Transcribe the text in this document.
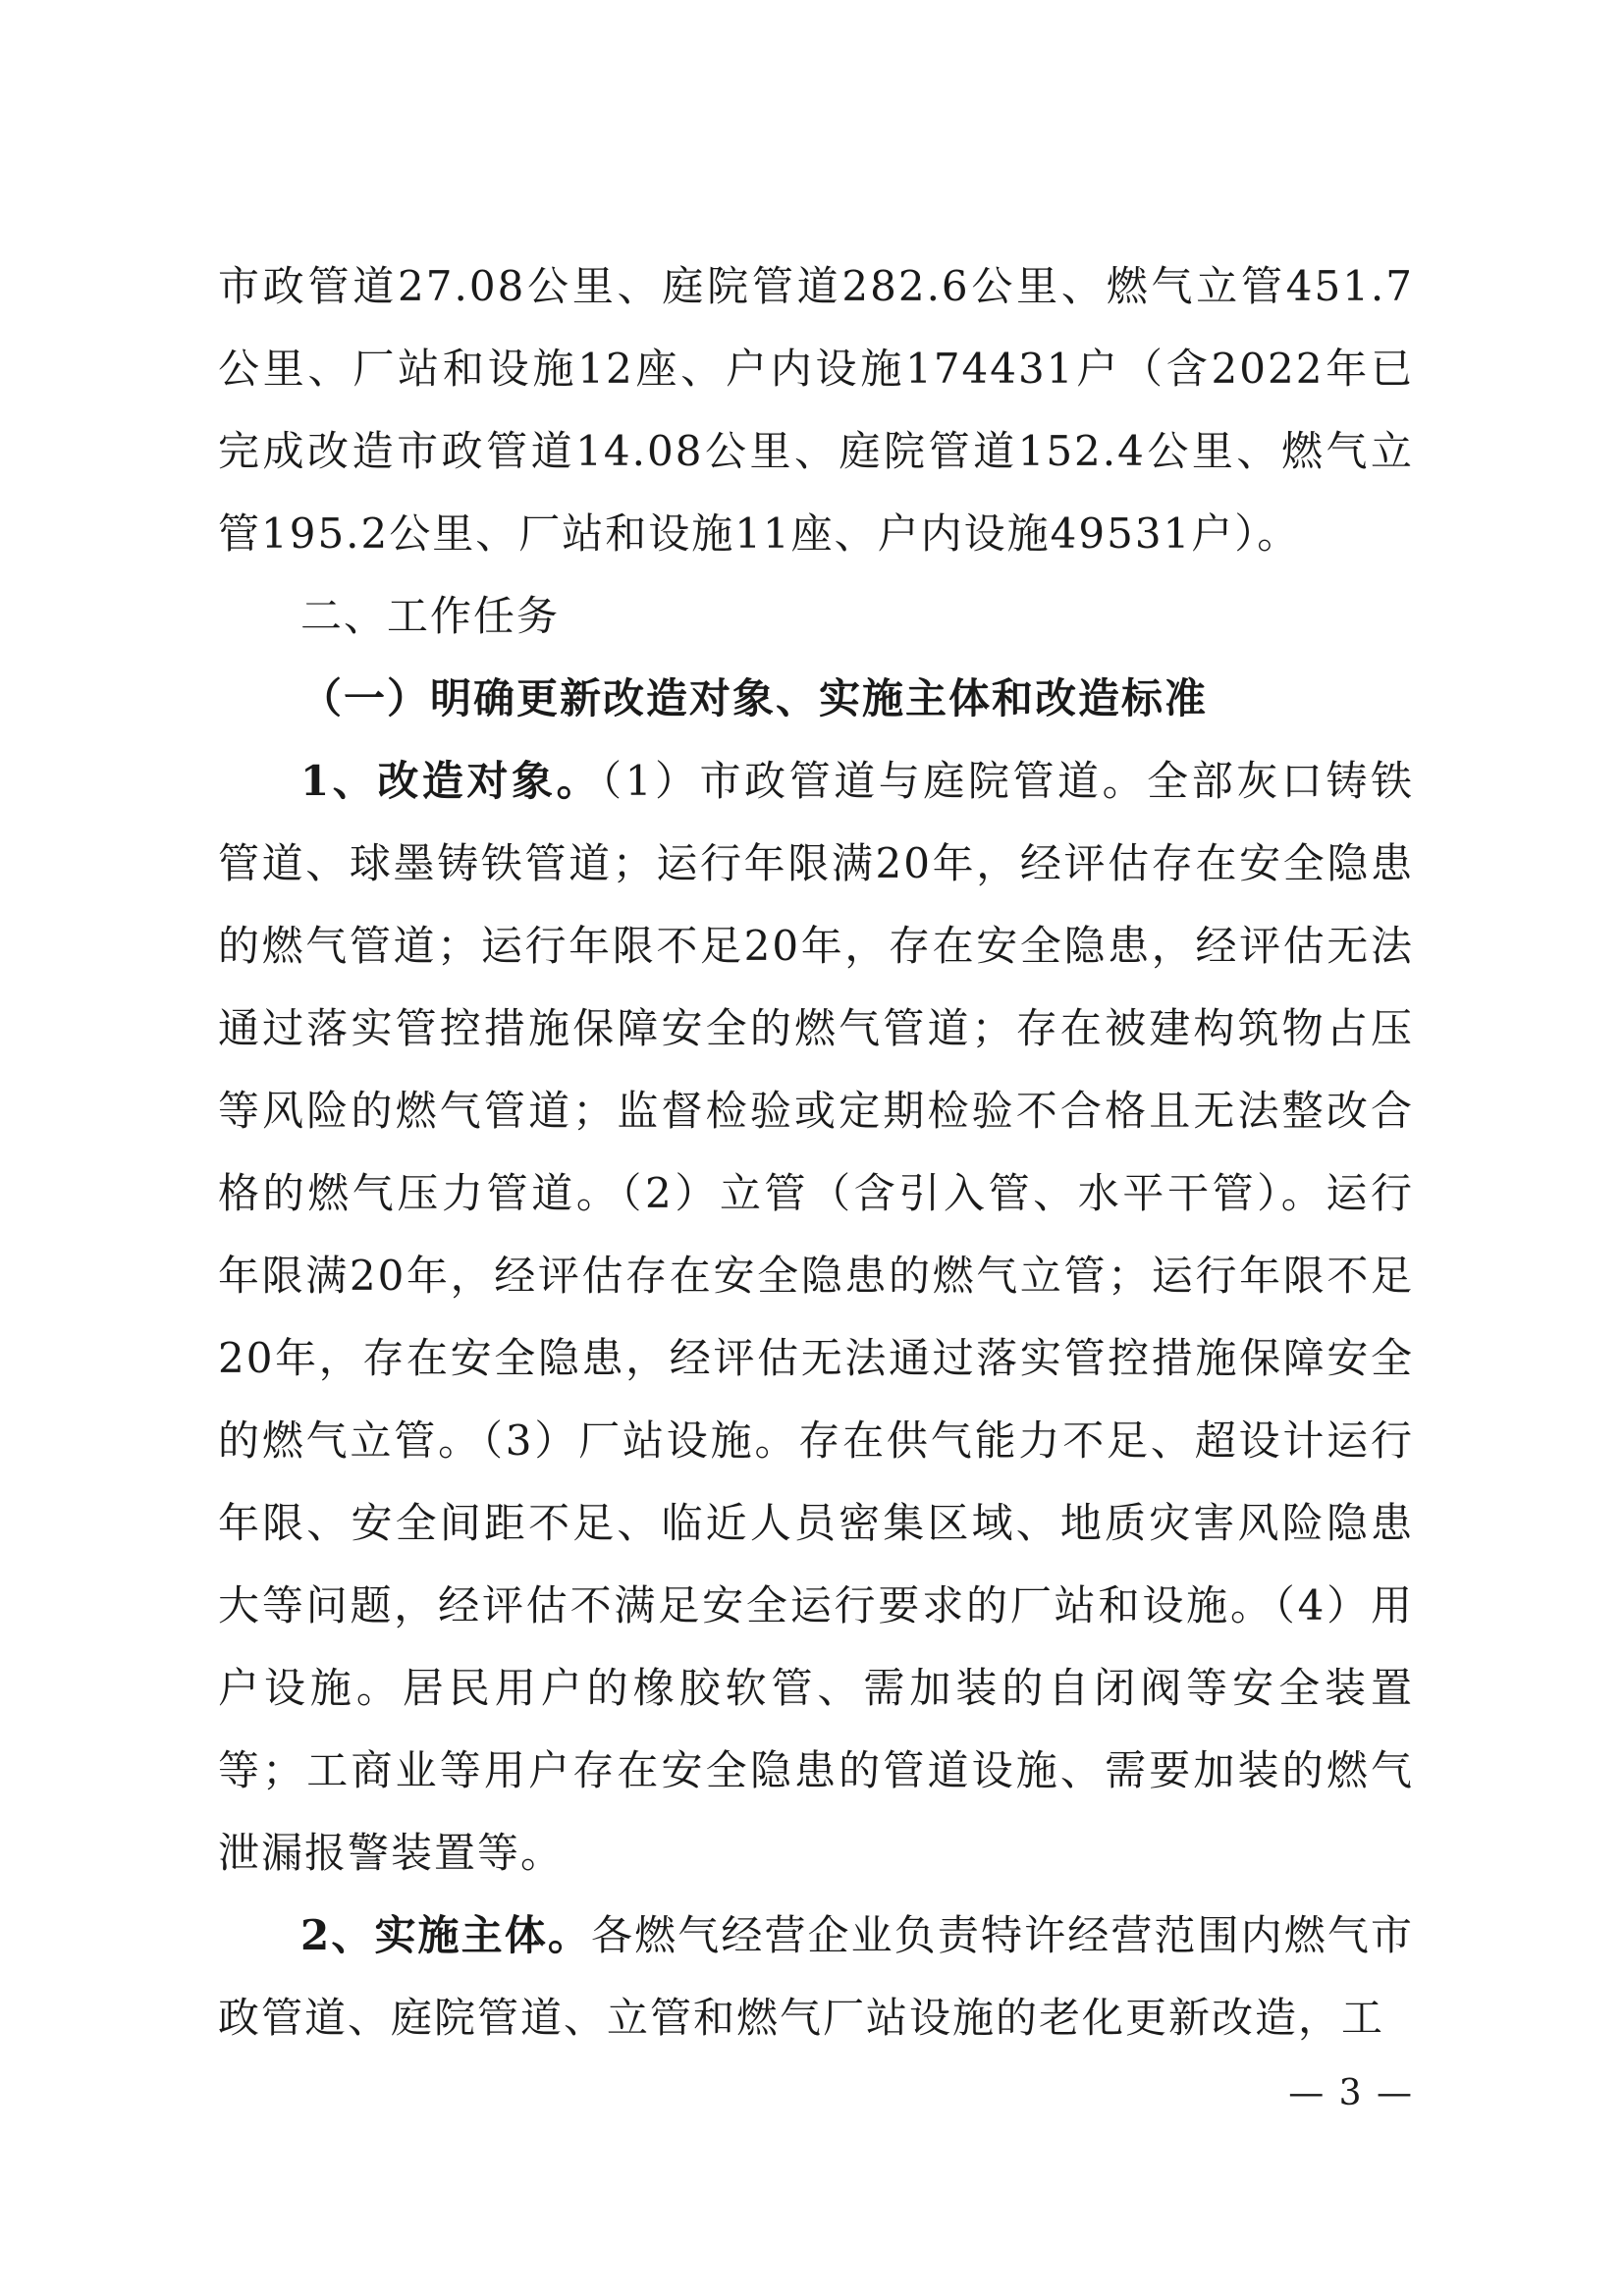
市政管道27.08公里、庭院管道282.6公里、燃气立管451.7公里、厂站和设施12座、户内设施174431户（含2022年已完成改造市政管道14.08公里、庭院管道152.4公里、燃气立管195.2公里、厂站和设施11座、户内设施49531户）。

二、工作任务

（一）明确更新改造对象、实施主体和改造标准

1、改造对象。（1）市政管道与庭院管道。全部灰口铸铁管道、球墨铸铁管道；运行年限满20年，经评估存在安全隐患的燃气管道；运行年限不足20年，存在安全隐患，经评估无法通过落实管控措施保障安全的燃气管道；存在被建构筑物占压等风险的燃气管道；监督检验或定期检验不合格且无法整改合格的燃气压力管道。（2）立管（含引入管、水平干管）。运行年限满20年，经评估存在安全隐患的燃气立管；运行年限不足20年，存在安全隐患，经评估无法通过落实管控措施保障安全的燃气立管。（3）厂站设施。存在供气能力不足、超设计运行年限、安全间距不足、临近人员密集区域、地质灾害风险隐患大等问题，经评估不满足安全运行要求的厂站和设施。（4）用户设施。居民用户的橡胶软管、需加装的自闭阀等安全装置等；工商业等用户存在安全隐患的管道设施、需要加装的燃气泄漏报警装置等。

2、实施主体。各燃气经营企业负责特许经营范围内燃气市政管道、庭院管道、立管和燃气厂站设施的老化更新改造，工

— 3 —
